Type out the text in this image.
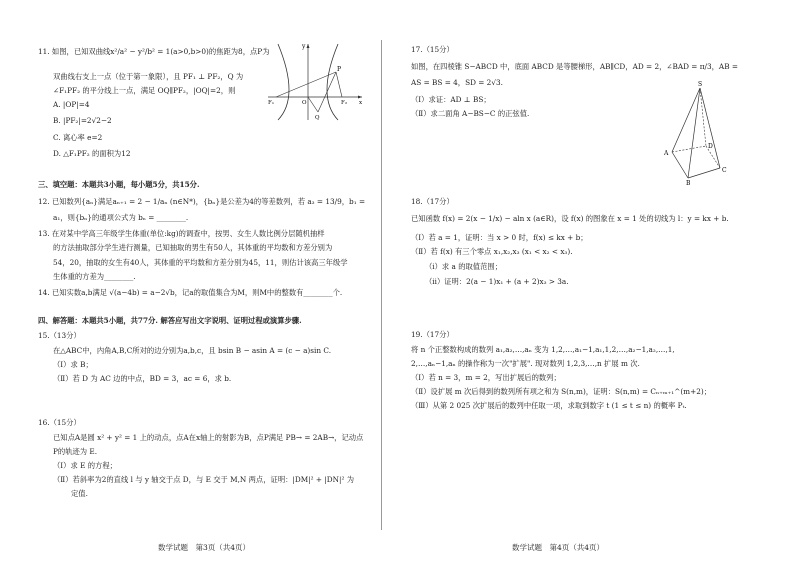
11. 如图，已知双曲线x²/a² − y²/b² = 1(a>0,b>0)的焦距为8，点P为
双曲线右支上一点（位于第一象限），且 PF₁ ⊥ PF₂，Q 为
∠F₁PF₂ 的平分线上一点，满足 OQ∥PF₂，|OQ|=2，则
A. |OP|=4
B. |PF₂|=2√2−2
C. 离心率 e=2
D. △F₁PF₂ 的面积为12
y
P
F₁	O	F₂ x
Q
三、填空题：本题共3小题，每小题5分，共15分.
12. 已知数列{aₙ}满足aₙ₊₁ = 2 − 1/aₙ (n∈N*)，{bₙ}是公差为4的等差数列，若 a₃ = 13/9，b₁ =
a₁，则{bₙ}的通项公式为 bₙ = ________.
13. 在对某中学高三年级学生体重(单位:kg)的调查中，按男、女生人数比例分层随机抽样
的方法抽取部分学生进行测量，已知抽取的男生有50人，其体重的平均数和方差分别为
54，20，抽取的女生有40人，其体重的平均数和方差分别为45，11，则估计该高三年级学
生体重的方差为________.
14. 已知实数a,b满足 √(a−4b) = a−2√b，记a的取值集合为M，则M中的整数有________个.
四、解答题：本题共5小题，共77分. 解答应写出文字说明、证明过程或演算步骤.
15.（13分）
在△ABC中，内角A,B,C所对的边分别为a,b,c，且 bsin B − asin A = (c − a)sin C.
（Ⅰ）求 B；
（Ⅱ）若 D 为 AC 边的中点，BD = 3，ac = 6，求 b.
16.（15分）
已知点A是圆 x² + y² = 1 上的动点，点A在x轴上的射影为B，点P满足 PB→ = 2AB→，记动点
P的轨迹为 E.
（Ⅰ）求 E 的方程；
（Ⅱ）若斜率为2的直线 l 与 y 轴交于点 D，与 E 交于 M,N 两点，证明：|DM|² + |DN|² 为
定值.
数学试题　第3页（共4页）
17.（15分）
如图，在四棱锥 S−ABCD 中，底面 ABCD 是等腰梯形，AB∥CD，AD = 2，∠BAD = π/3，AB =
AS = BS = 4，SD = 2√3.
（Ⅰ）求证：AD ⊥ BS；
（Ⅱ）求二面角 A−BS−C 的正弦值.
S
A
B
C
D
18.（17分）
已知函数 f(x) = 2(x − 1/x) − aln x (a∈R)，设 f(x) 的图象在 x = 1 处的切线为 l：y = kx + b.
（Ⅰ）若 a = 1，证明：当 x > 0 时，f(x) ≤ kx + b；
（Ⅱ）若 f(x) 有三个零点 x₁,x₂,x₃ (x₁ < x₂ < x₃).
（ⅰ）求 a 的取值范围；
（ⅱ）证明：2(a − 1)x₁ + (a + 2)x₃ > 3a.
19.（17分）
将 n 个正整数构成的数列 a₁,a₂,…,aₙ 变为 1,2,…,a₁−1,a₁,1,2,…,a₂−1,a₂,…,1,
2,…,aₙ−1,aₙ 的操作称为一次"扩展". 现对数列 1,2,3,…,n 扩展 m 次.
（Ⅰ）若 n = 3，m = 2，写出扩展后的数列；
（Ⅱ）设扩展 m 次后得到的数列所有项之和为 S(n,m)，证明：S(n,m) = Cₙ₊ₘ₊₁^(m+2)；
（Ⅲ）从第 2 025 次扩展后的数列中任取一项，求取到数字 t (1 ≤ t ≤ n) 的概率 Pₜ.
数学试题　第4页（共4页）
